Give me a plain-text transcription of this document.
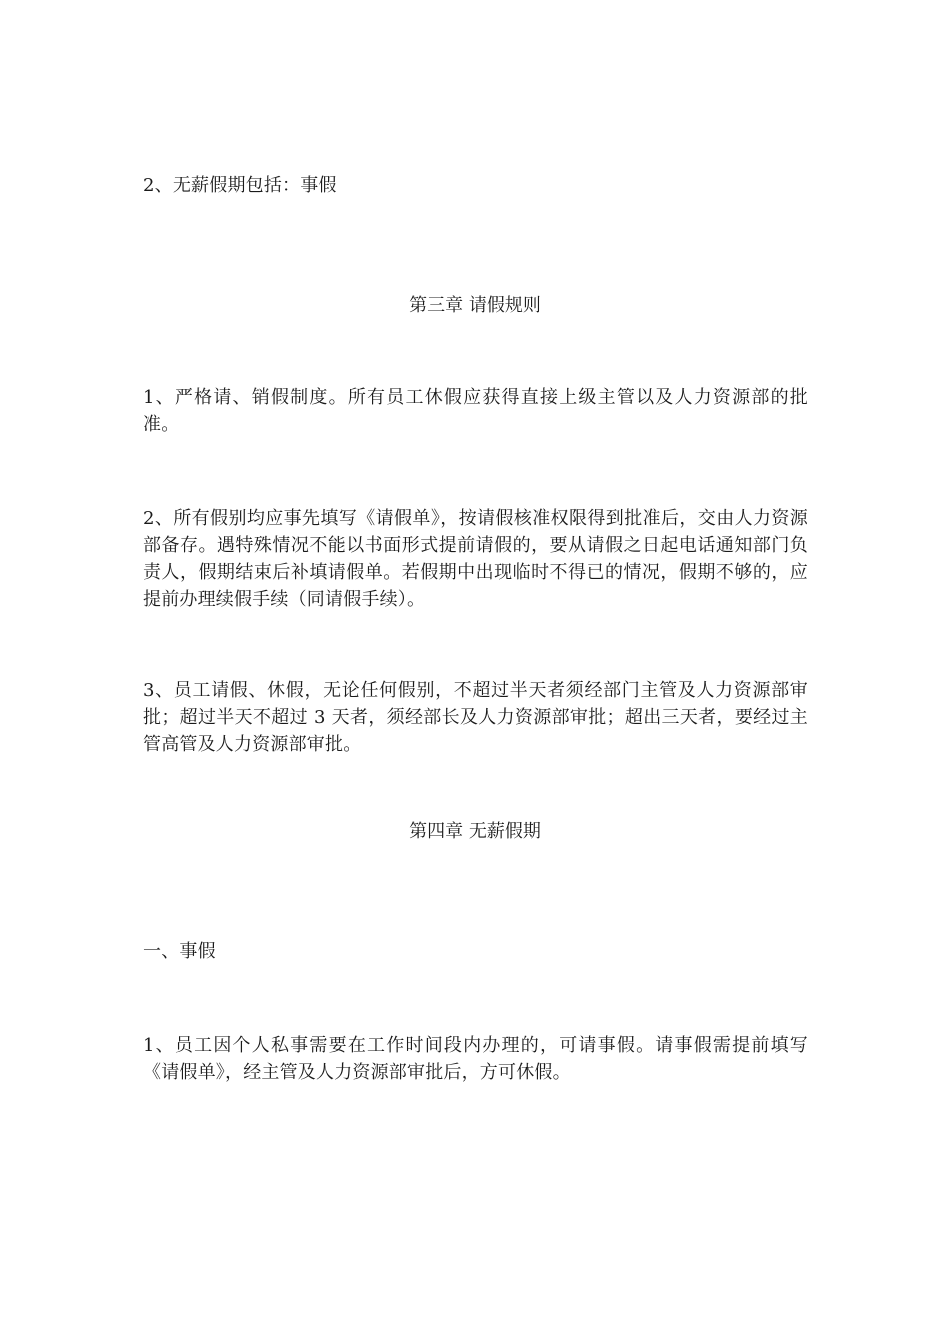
2、无薪假期包括：事假

第三章 请假规则

1、严格请、销假制度。所有员工休假应获得直接上级主管以及人力资源部的批准。

2、所有假别均应事先填写《请假单》，按请假核准权限得到批准后，交由人力资源部备存。遇特殊情况不能以书面形式提前请假的，要从请假之日起电话通知部门负责人，假期结束后补填请假单。若假期中出现临时不得已的情况，假期不够的，应提前办理续假手续（同请假手续）。

3、员工请假、休假，无论任何假别，不超过半天者须经部门主管及人力资源部审批；超过半天不超过 3 天者，须经部长及人力资源部审批；超出三天者，要经过主管高管及人力资源部审批。

第四章 无薪假期

一、事假

1、员工因个人私事需要在工作时间段内办理的，可请事假。请事假需提前填写《请假单》，经主管及人力资源部审批后，方可休假。
